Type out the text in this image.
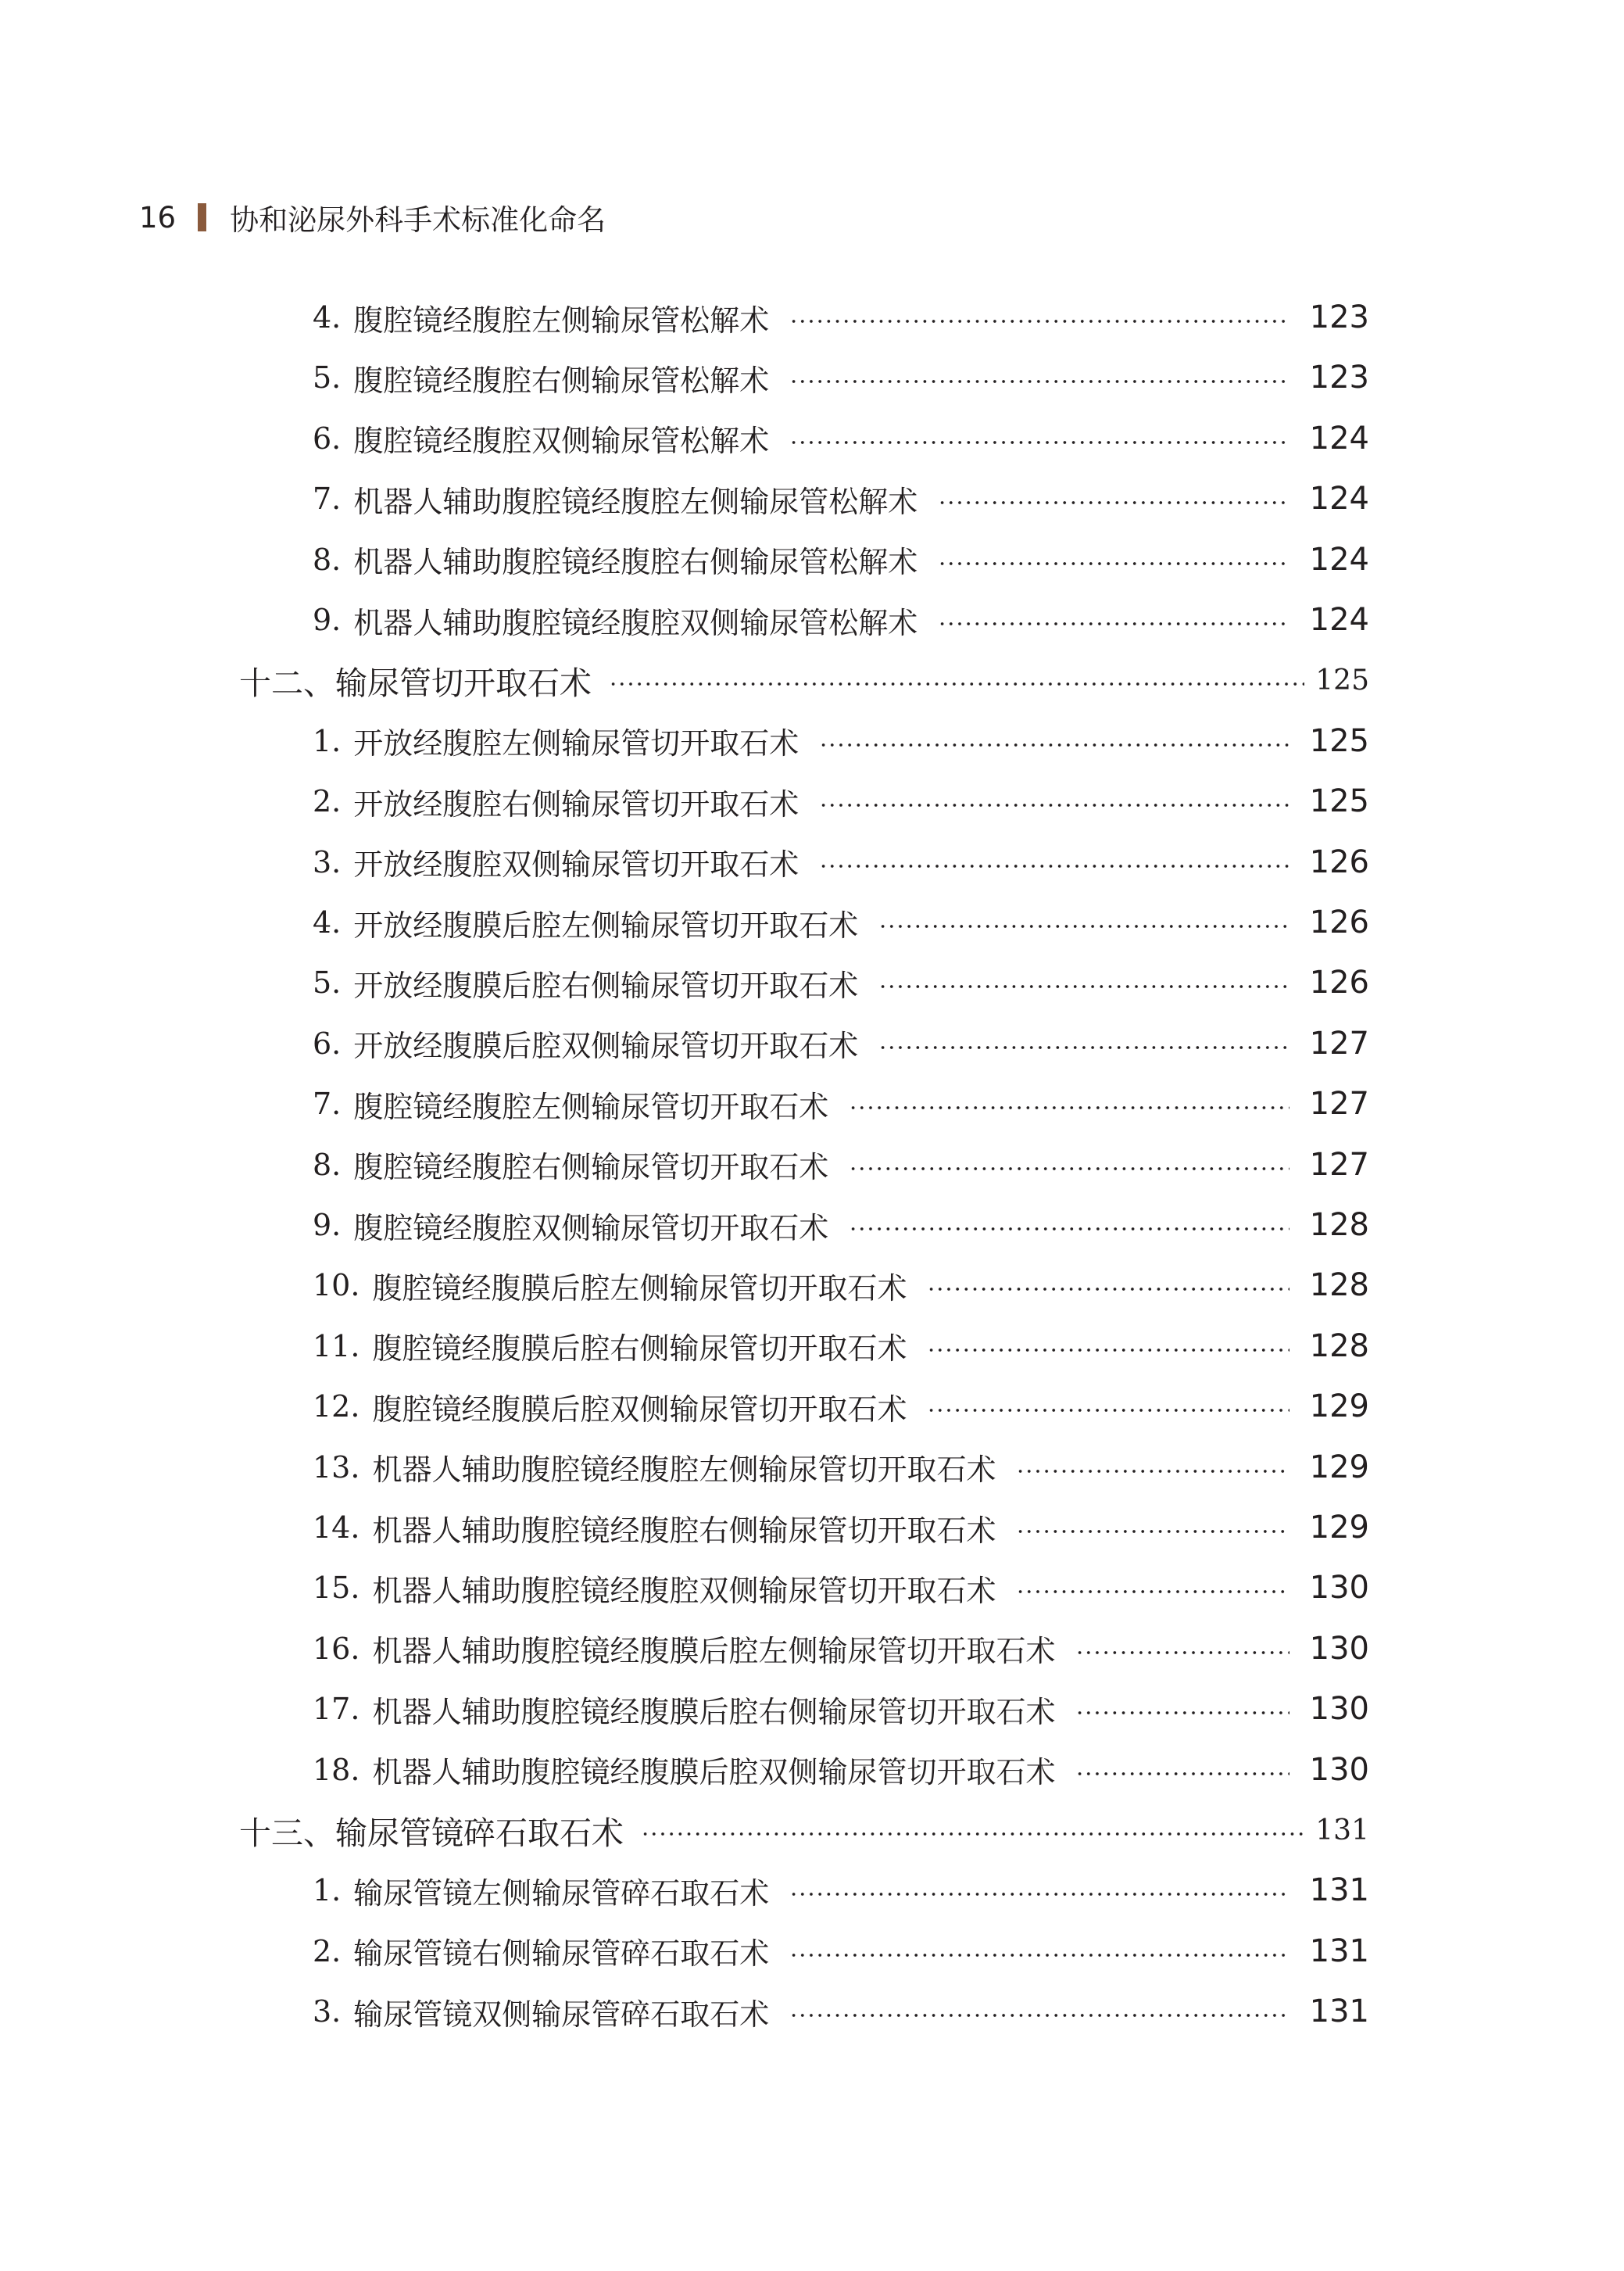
16 协和泌尿外科手术标准化命名
4. 腹腔镜经腹腔左侧输尿管松解术	123
5. 腹腔镜经腹腔右侧输尿管松解术	123
6. 腹腔镜经腹腔双侧输尿管松解术	124
7. 机器人辅助腹腔镜经腹腔左侧输尿管松解术	124
8. 机器人辅助腹腔镜经腹腔右侧输尿管松解术	124
9. 机器人辅助腹腔镜经腹腔双侧输尿管松解术	124
十二、 输尿管切开取石术	125
1. 开放经腹腔左侧输尿管切开取石术	125
2. 开放经腹腔右侧输尿管切开取石术	125
3. 开放经腹腔双侧输尿管切开取石术	126
4. 开放经腹膜后腔左侧输尿管切开取石术	126
5. 开放经腹膜后腔右侧输尿管切开取石术	126
6. 开放经腹膜后腔双侧输尿管切开取石术	127
7. 腹腔镜经腹腔左侧输尿管切开取石术	127
8. 腹腔镜经腹腔右侧输尿管切开取石术	127
9. 腹腔镜经腹腔双侧输尿管切开取石术	128
10. 腹腔镜经腹膜后腔左侧输尿管切开取石术	128
11. 腹腔镜经腹膜后腔右侧输尿管切开取石术	128
12. 腹腔镜经腹膜后腔双侧输尿管切开取石术	129
13. 机器人辅助腹腔镜经腹腔左侧输尿管切开取石术	129
14. 机器人辅助腹腔镜经腹腔右侧输尿管切开取石术	129
15. 机器人辅助腹腔镜经腹腔双侧输尿管切开取石术	130
16. 机器人辅助腹腔镜经腹膜后腔左侧输尿管切开取石术	130
17. 机器人辅助腹腔镜经腹膜后腔右侧输尿管切开取石术	130
18. 机器人辅助腹腔镜经腹膜后腔双侧输尿管切开取石术	130
十三、 输尿管镜碎石取石术	131
1. 输尿管镜左侧输尿管碎石取石术	131
2. 输尿管镜右侧输尿管碎石取石术	131
3. 输尿管镜双侧输尿管碎石取石术	131
